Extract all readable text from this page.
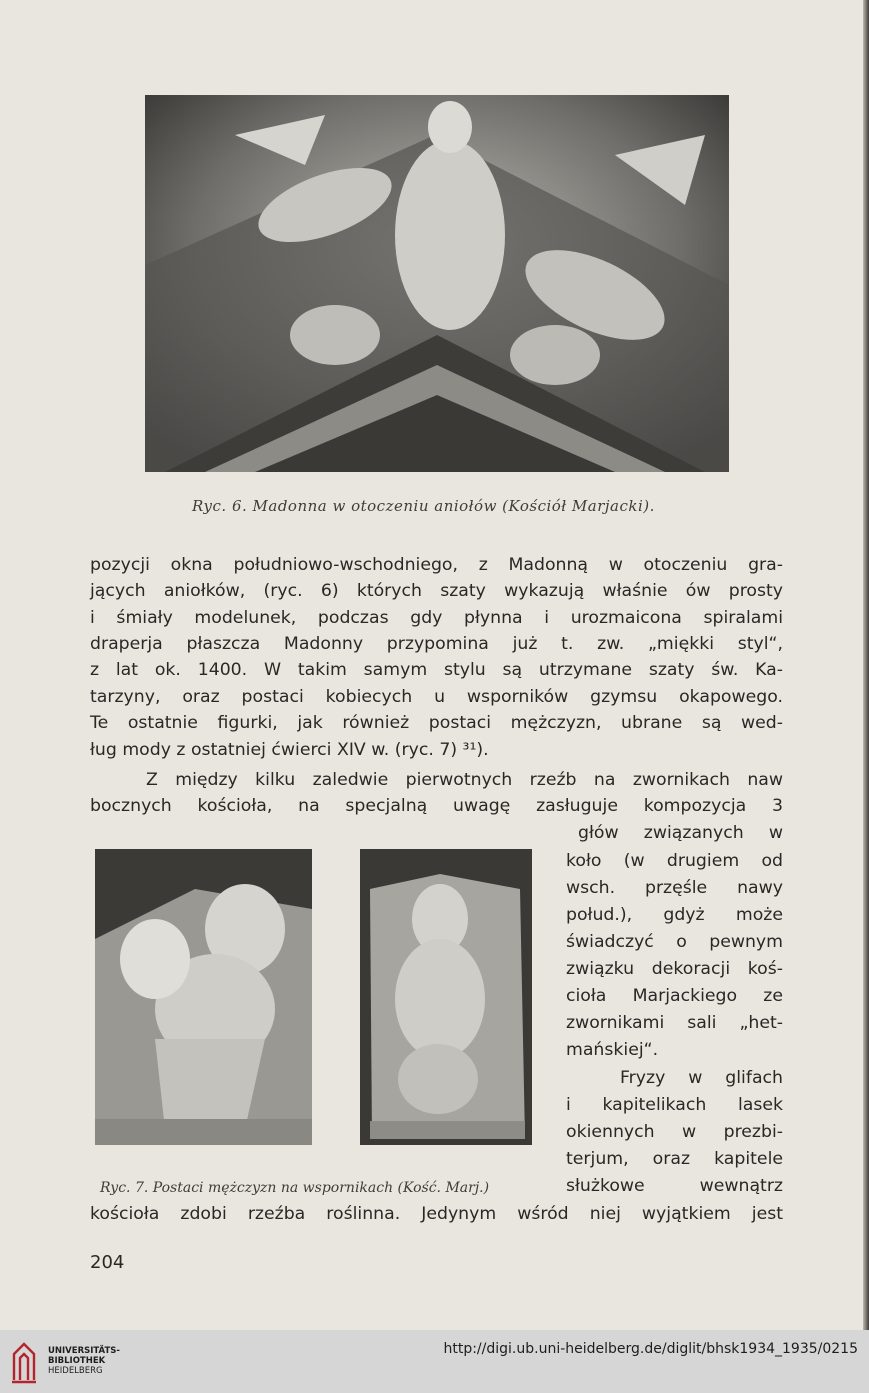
Ryc. 6. Madonna w otoczeniu aniołów (Kościół Marjacki).
pozycji okna południowo-wschodniego, z Madonną w otoczeniu gra-
jących aniołków, (ryc. 6) których szaty wykazują właśnie ów prosty
i śmiały modelunek, podczas gdy płynna i urozmaicona spiralami
draperja płaszcza Madonny przypomina już t. zw. „miękki styl“,
z lat ok. 1400. W takim samym stylu są utrzymane szaty św. Ka-
tarzyny, oraz postaci kobiecych u wsporników gzymsu okapowego.
Te ostatnie figurki, jak również postaci mężczyzn, ubrane są wed-
ług mody z ostatniej ćwierci XIV w. (ryc. 7) ³¹).
Z między kilku zaledwie pierwotnych rzeźb na zwornikach naw
bocznych kościoła, na specjalną uwagę zasługuje kompozycja 3
Ryc. 7. Postaci mężczyzn na wspornikach (Kość. Marj.)
głów związanych w
koło (w drugiem od
wsch. przęśle nawy
połud.), gdyż może
świadczyć o pewnym
związku dekoracji koś-
cioła Marjackiego ze
zwornikami sali „het-
mańskiej“.
Fryzy w glifach
i kapitelikach lasek
okiennych w prezbi-
terjum, oraz kapitele
służkowe wewnątrz
kościoła zdobi rzeźba roślinna. Jedynym wśród niej wyjątkiem jest
204
UNIVERSITÄTS-
BIBLIOTHEK
HEIDELBERG
http://digi.ub.uni-heidelberg.de/diglit/bhsk1934_1935/0215
